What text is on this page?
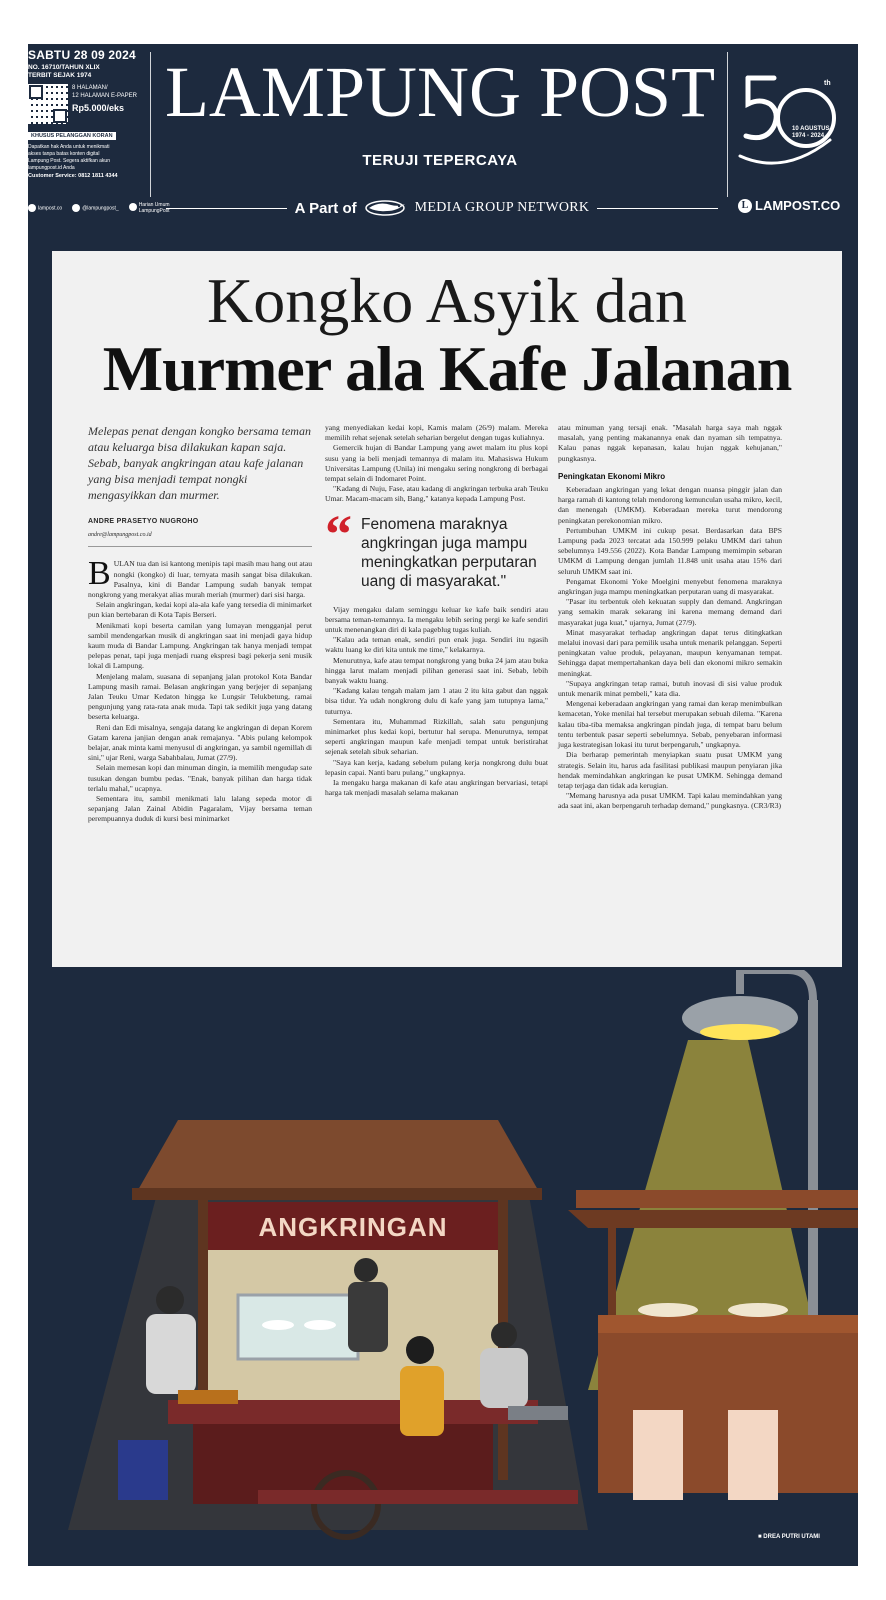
SABTU 28 09 2024
NO. 16710/TAHUN XLIX
TERBIT SEJAK 1974
8 HALAMAN/
12 HALAMAN E-PAPER
Rp5.000/eks
KHUSUS PELANGGAN KORAN
Dapatkan hak Anda untuk menikmati
akses tanpa batas konten digital
Lampung Post. Segera aktifkan akun
lampungpost.id Anda
Customer Service: 0812 1811 4344
lampost.co	@lampungpost_
Harian Umum LampungPost
LAMPUNG POST
TERUJI TEPERCAYA
A Part of	MEDIA GROUP NETWORK
th
10 AGUSTUS
1974 - 2024
L LAMPOST.CO
Kongko Asyik dan
Murmer ala Kafe Jalanan

Melepas penat dengan kongko bersama teman atau keluarga bisa dilakukan kapan saja. Sebab, banyak angkringan atau kafe jalanan yang bisa menjadi tempat nongki mengasyikkan dan murmer.

ANDRE PRASETYO NUGROHO
andre@lampungpost.co.id

BULAN tua dan isi kantong menipis tapi masih mau hang out atau nongki (kongko) di luar, ternyata masih sangat bisa dilakukan. Pasalnya, kini di Bandar Lampung sudah banyak tempat nongkrong yang merakyat alias murah meriah (murmer) dari sisi harga.

Selain angkringan, kedai kopi ala-ala kafe yang tersedia di minimarket pun kian bertebaran di Kota Tapis Berseri.

Menikmati kopi beserta camilan yang lumayan mengganjal perut sambil mendengarkan musik di angkringan saat ini menjadi gaya hidup kaum muda di Bandar Lampung. Angkringan tak hanya menjadi tempat pelepas penat, tapi juga menjadi ruang ekspresi bagi pekerja seni musik lokal di Lampung.

Menjelang malam, suasana di sepanjang jalan protokol Kota Bandar Lampung masih ramai. Belasan angkringan yang berjejer di sepanjang Jalan Teuku Umar Kedaton hingga ke Lungsir Telukbetung, ramai pengunjung yang rata-rata anak muda. Tapi tak sedikit juga yang datang beserta keluarga.

Reni dan Edi misalnya, sengaja datang ke angkringan di depan Korem Gatam karena janjian dengan anak remajanya. "Abis pulang kelompok belajar, anak minta kami menyusul di angkringan, ya sambil ngemillah di sini," ujar Reni, warga Sabahbalau, Jumat (27/9).

Selain memesan kopi dan minuman dingin, ia memilih mengudap sate tusukan dengan bumbu pedas. "Enak, banyak pilihan dan harga tidak terlalu mahal," ucapnya.

Sementara itu, sambil menikmati lalu lalang sepeda motor di sepanjang Jalan Zainal Abidin Pagaralam, Vijay bersama teman perempuannya duduk di kursi besi minimarket

yang menyediakan kedai kopi, Kamis malam (26/9) malam. Mereka memilih rehat sejenak setelah seharian bergelut dengan tugas kuliahnya.

Gemercik hujan di Bandar Lampung yang awet malam itu plus kopi susu yang ia beli menjadi temannya di malam itu. Mahasiswa Hukum Universitas Lampung (Unila) ini mengaku sering nongkrong di berbagai tempat selain di Indomaret Point.

"Kadang di Nuju, Fase, atau kadang di angkringan terbuka arah Teuku Umar. Macam-macam sih, Bang," katanya kepada Lampung Post.

“ Fenomena maraknya angkringan juga mampu meningkatkan perputaran uang di masyarakat."

Vijay mengaku dalam seminggu keluar ke kafe baik sendiri atau bersama teman-temannya. Ia mengaku lebih sering pergi ke kafe sendiri untuk menenangkan diri di kala pageblug tugas kuliah.

"Kalau ada teman enak, sendiri pun enak juga. Sendiri itu ngasih waktu luang ke diri kita untuk me time," kelakarnya.

Menurutnya, kafe atau tempat nongkrong yang buka 24 jam atau buka hingga larut malam menjadi pilihan generasi saat ini. Sebab, lebih banyak waktu luang.

"Kadang kalau tengah malam jam 1 atau 2 itu kita gabut dan nggak bisa tidur. Ya udah nongkrong dulu di kafe yang jam tutupnya lama," tuturnya.

Sementara itu, Muhammad Rizkillah, salah satu pengunjung minimarket plus kedai kopi, bertutur hal serupa. Menurutnya, tempat seperti angkringan maupun kafe menjadi tempat untuk beristirahat sejenak setelah sibuk seharian.

"Saya kan kerja, kadang sebelum pulang kerja nongkrong dulu buat lepasin capai. Nanti baru pulang," ungkapnya.

Ia mengaku harga makanan di kafe atau angkringan bervariasi, tetapi harga tak menjadi masalah selama makanan

atau minuman yang tersaji enak. "Masalah harga saya mah nggak masalah, yang penting makanannya enak dan nyaman sih tempatnya. Kalau panas nggak kepanasan, kalau hujan nggak kehujanan," pungkasnya.

Peningkatan Ekonomi Mikro

Keberadaan angkringan yang lekat dengan nuansa pinggir jalan dan harga ramah di kantong telah mendorong kemunculan usaha mikro, kecil, dan menengah (UMKM). Keberadaan mereka turut mendorong peningkatan perekonomian mikro.

Pertumbuhan UMKM ini cukup pesat. Berdasarkan data BPS Lampung pada 2023 tercatat ada 150.999 pelaku UMKM dari tahun sebelumnya 149.556 (2022). Kota Bandar Lampung memimpin sebaran UMKM di Lampung dengan jumlah 11.848 unit usaha atau 15% dari seluruh UMKM saat ini.

Pengamat Ekonomi Yoke Moelgini menyebut fenomena maraknya angkringan juga mampu meningkatkan perputaran uang di masyarakat.

"Pasar itu terbentuk oleh kekuatan supply dan demand. Angkringan yang semakin marak sekarang ini karena memang demand dari masyarakat juga kuat," ujarnya, Jumat (27/9).

Minat masyarakat terhadap angkringan dapat terus ditingkatkan melalui inovasi dari para pemilik usaha untuk menarik pelanggan. Seperti peningkatan value produk, pelayanan, maupun kenyamanan tempat. Sehingga dapat mempertahankan daya beli dan ekonomi mikro semakin meningkat.

"Supaya angkringan tetap ramai, butuh inovasi di sisi value produk untuk menarik minat pembeli," kata dia.

Mengenai keberadaan angkringan yang ramai dan kerap menimbulkan kemacetan, Yoke menilai hal tersebut merupakan sebuah dilema. "Karena kalau tiba-tiba memaksa angkringan pindah juga, di tempat baru belum tentu terbentuk pasar seperti sebelumnya. Sebab, penyebaran informasi juga kestrategisan lokasi itu turut berpengaruh," ungkapnya.

Dia berharap pemerintah menyiapkan suatu pusat UMKM yang strategis. Selain itu, harus ada fasilitasi publikasi maupun penyiaran jika hendak memindahkan angkringan ke pusat UMKM. Sehingga demand tetap terjaga dan tidak ada kerugian.

"Memang harusnya ada pusat UMKM. Tapi kalau memindahkan yang ada saat ini, akan berpengaruh terhadap demand," pungkasnya. (CR3/R3)

ANGKRINGAN
■ DREA PUTRI UTAMI
